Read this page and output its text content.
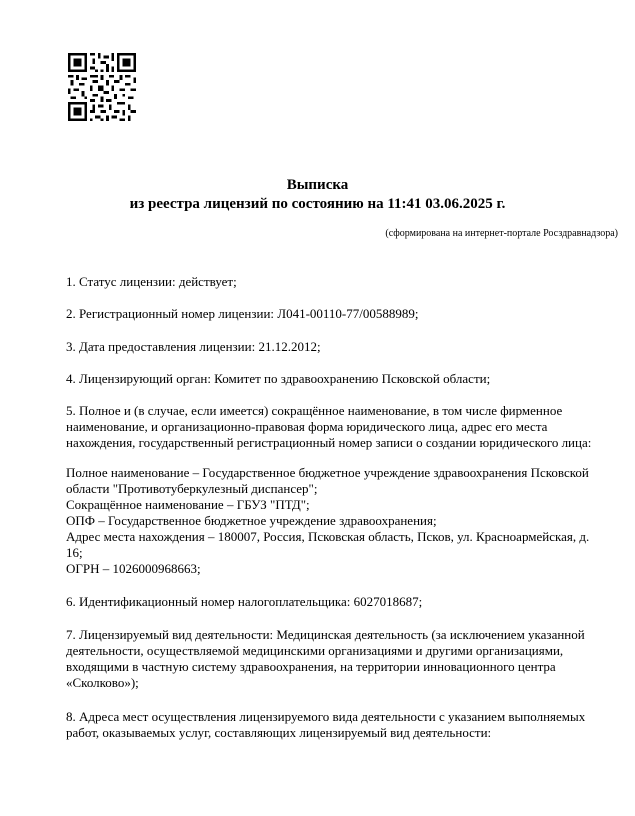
Выписка
из реестра лицензий по состоянию на 11:41 03.06.2025 г.
(сформирована на интернет-портале Росздравнадзора)
1. Статус лицензии: действует;
2. Регистрационный номер лицензии: Л041-00110-77/00588989;
3. Дата предоставления лицензии: 21.12.2012;
4. Лицензирующий орган: Комитет по здравоохранению Псковской области;
5. Полное и (в случае, если имеется) сокращённое наименование, в том числе фирменное
наименование, и организационно-правовая форма юридического лица, адрес его места
нахождения, государственный регистрационный номер записи о создании юридического лица:
Полное наименование – Государственное бюджетное учреждение здравоохранения Псковской
области "Противотуберкулезный диспансер";
Сокращённое наименование – ГБУЗ "ПТД";
ОПФ – Государственное бюджетное учреждение здравоохранения;
Адрес места нахождения – 180007, Россия, Псковская область, Псков, ул. Красноармейская, д.
16;
ОГРН – 1026000968663;
6. Идентификационный номер налогоплательщика: 6027018687;
7. Лицензируемый вид деятельности: Медицинская деятельность (за исключением указанной
деятельности, осуществляемой медицинскими организациями и другими организациями,
входящими в частную систему здравоохранения, на территории инновационного центра
«Сколково»);
8. Адреса мест осуществления лицензируемого вида деятельности с указанием выполняемых
работ, оказываемых услуг, составляющих лицензируемый вид деятельности:
